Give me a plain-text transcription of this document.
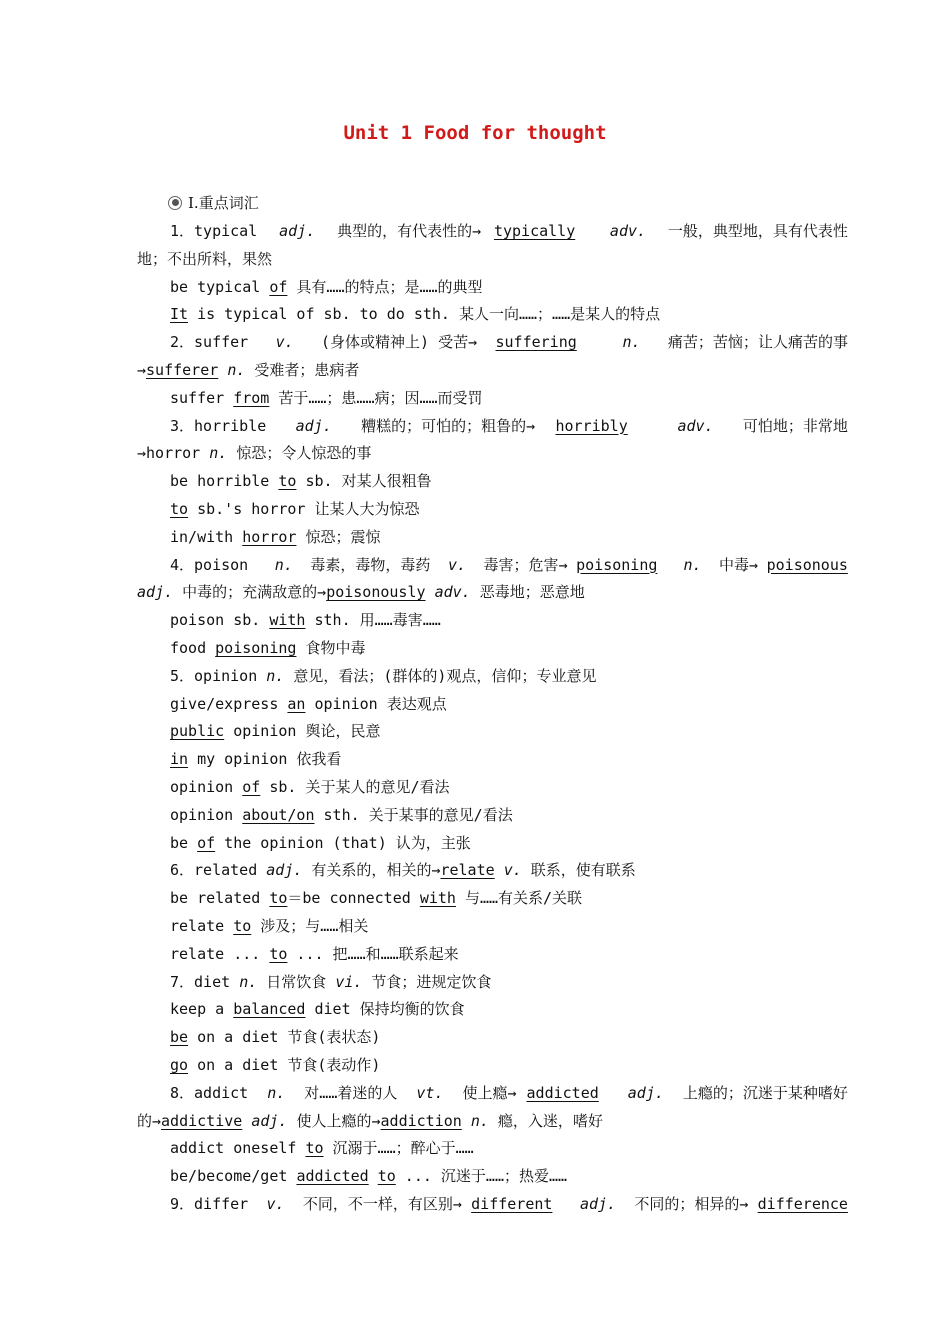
Unit 1 Food for thought
Ⅰ.重点词汇
1．typical adj. 典型的，有代表性的→ typically
adv. 一般，典型地，具有代表性
地；不出所料，果然
be typical of 具有……的特点；是……的典型
It is typical of sb. to do sth. 某人一向……；……是某人的特点
2．suffer v. (身体或精神上) 受苦→ suffering
	n. 痛苦；苦恼；让人痛苦的事
→sufferer n. 受难者；患病者
suffer from 苦于……；患……病；因……而受罚
3．horrible adj. 糟糕的；可怕的；粗鲁的→ horribly
	adv. 可怕地；非常地
→horror n. 惊恐；令人惊恐的事
be horrible to sb. 对某人很粗鲁
to sb.'s horror 让某人大为惊恐
in/with horror 惊恐；震惊
4．poison n. 毒素，毒物，毒药 v. 毒害；危害→ poisoning
n. 中毒→ poisonous
adj. 中毒的；充满敌意的→poisonously adv. 恶毒地；恶意地
poison sb. with sth. 用……毒害……
food poisoning 食物中毒
5．opinion n. 意见，看法；(群体的)观点，信仰；专业意见
give/express an opinion 表达观点
public opinion 舆论，民意
in my opinion 依我看
opinion of sb. 关于某人的意见/看法
opinion about/on sth. 关于某事的意见/看法
be of the opinion (that) 认为，主张
6．related adj. 有关系的，相关的→relate v. 联系，使有联系
be related to＝be connected with 与……有关系/关联
relate to 涉及；与……相关
relate ... to ... 把……和……联系起来
7．diet n. 日常饮食 vi. 节食；进规定饮食
keep a balanced diet 保持均衡的饮食
be on a diet 节食(表状态)
go on a diet 节食(表动作)
8．addict n. 对……着迷的人 vt. 使上瘾→ addicted
adj. 上瘾的；沉迷于某种嗜好
的→addictive adj. 使人上瘾的→addiction n. 瘾，入迷，嗜好
addict oneself to 沉溺于……；醉心于……
be/become/get addicted to ... 沉迷于……；热爱……
9．differ v. 不同，不一样，有区别→ different
adj. 不同的；相异的→ difference
